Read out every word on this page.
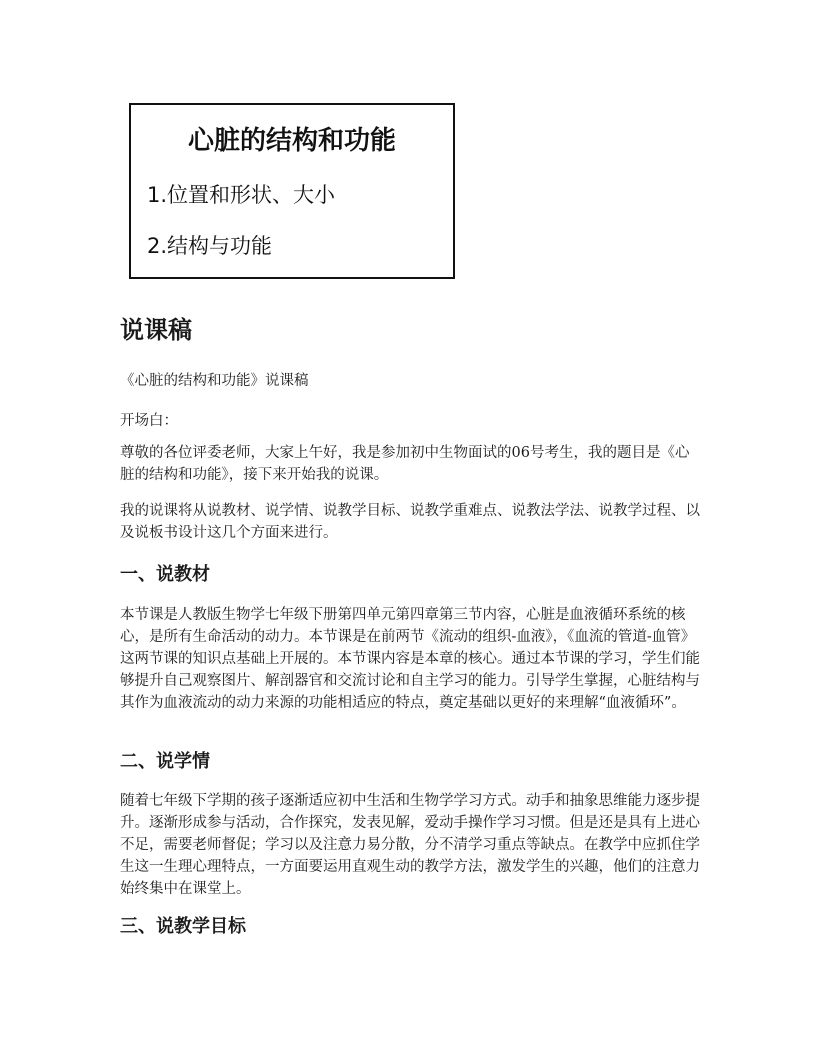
心脏的结构和功能
1.位置和形状、大小
2.结构与功能
说课稿

《心脏的结构和功能》说课稿

开场白：

尊敬的各位评委老师，大家上午好，我是参加初中生物面试的06号考生，我的题目是《心脏的结构和功能》，接下来开始我的说课。

我的说课将从说教材、说学情、说教学目标、说教学重难点、说教法学法、说教学过程、以及说板书设计这几个方面来进行。

一、说教材

本节课是人教版生物学七年级下册第四单元第四章第三节内容，心脏是血液循环系统的核心，是所有生命活动的动力。本节课是在前两节《流动的组织-血液》，《血流的管道-血管》这两节课的知识点基础上开展的。本节课内容是本章的核心。通过本节课的学习，学生们能够提升自己观察图片、解剖器官和交流讨论和自主学习的能力。引导学生掌握，心脏结构与其作为血液流动的动力来源的功能相适应的特点，奠定基础以更好的来理解“血液循环”。

二、说学情

随着七年级下学期的孩子逐渐适应初中生活和生物学学习方式。动手和抽象思维能力逐步提升。逐渐形成参与活动，合作探究，发表见解，爱动手操作学习习惯。但是还是具有上进心不足，需要老师督促；学习以及注意力易分散，分不清学习重点等缺点。在教学中应抓住学生这一生理心理特点，一方面要运用直观生动的教学方法，激发学生的兴趣，他们的注意力始终集中在课堂上。

三、说教学目标
